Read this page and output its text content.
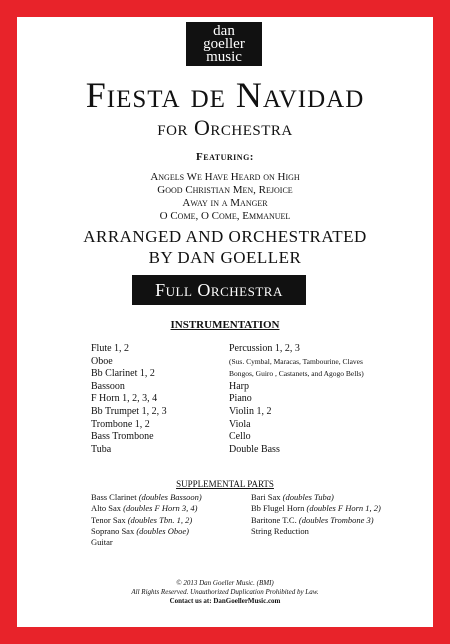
dan
goeller
music
Fiesta de Navidad
for Orchestra
Featuring:
Angels We Have Heard on High
Good Christian Men, Rejoice
Away in a Manger
O Come, O Come, Emmanuel
ARRANGED AND ORCHESTRATED
BY DAN GOELLER
Full Orchestra
INSTRUMENTATION
Flute 1, 2
Oboe
Bb Clarinet 1, 2
Bassoon
F Horn 1, 2, 3, 4
Bb Trumpet 1, 2, 3
Trombone 1, 2
Bass Trombone
Tuba
Percussion 1, 2, 3
(Sus. Cymbal, Maracas, Tambourine, Claves
Bongos, Guiro , Castanets, and Agogo Bells)
Harp
Piano
Violin 1, 2
Viola
Cello
Double Bass
SUPPLEMENTAL PARTS
Bass Clarinet (doubles Bassoon)
Alto Sax (doubles F Horn 3, 4)
Tenor Sax (doubles Tbn. 1, 2)
Soprano Sax (doubles Oboe)
Guitar
Bari Sax (doubles Tuba)
Bb Flugel Horn (doubles F Horn 1, 2)
Baritone T.C. (doubles Trombone 3)
String Reduction
© 2013 Dan Goeller Music. (BMI)
All Rights Reserved. Unauthorized Duplication Prohibited by Law.
Contact us at: DanGoellerMusic.com
